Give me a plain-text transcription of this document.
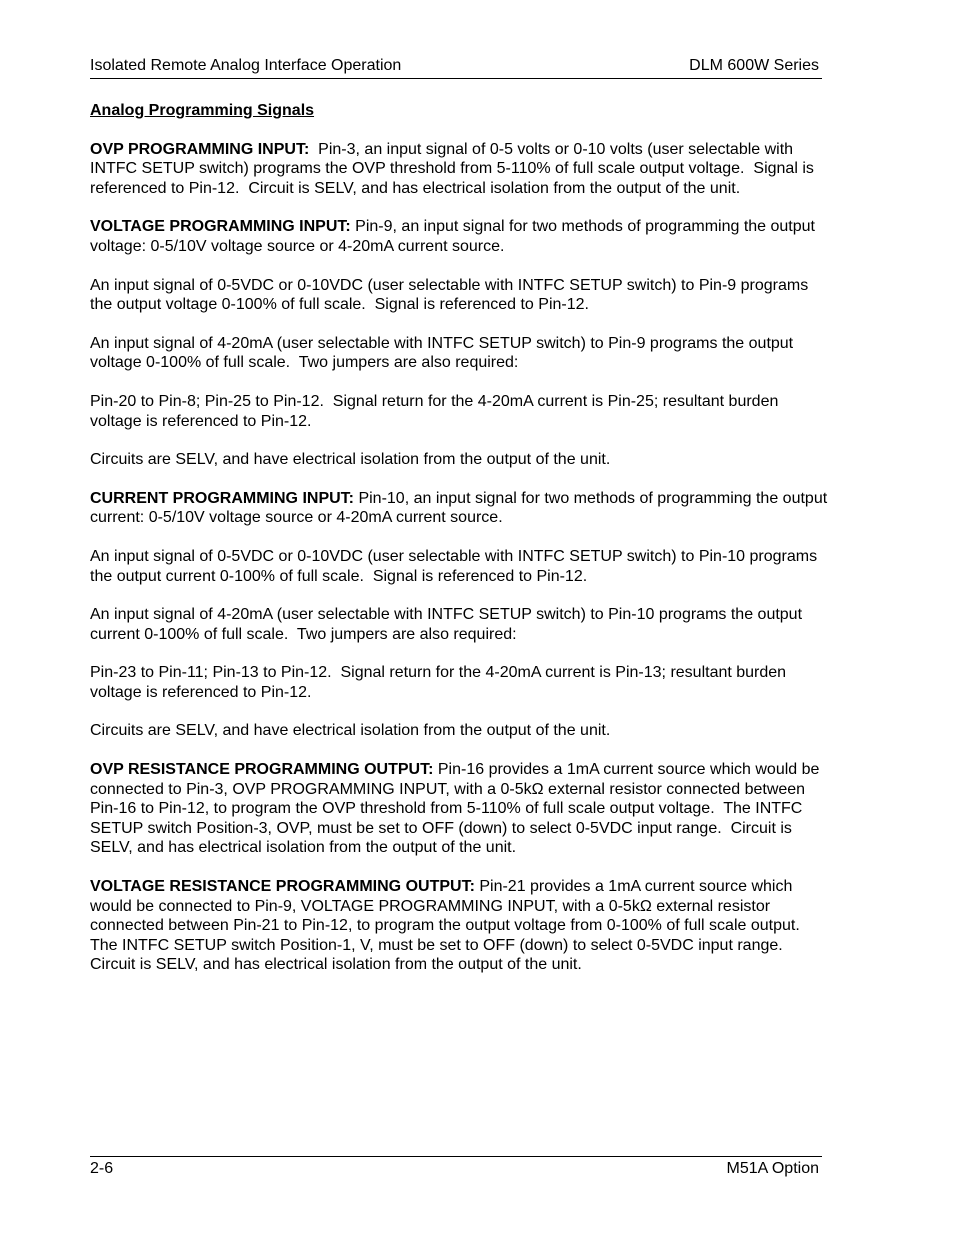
Isolated Remote Analog Interface Operation	DLM 600W Series

Analog Programming Signals

OVP PROGRAMMING INPUT:  Pin-3, an input signal of 0-5 volts or 0-10 volts (user selectable with INTFC SETUP switch) programs the OVP threshold from 5-110% of full scale output voltage.  Signal is referenced to Pin-12.  Circuit is SELV, and has electrical isolation from the output of the unit.

VOLTAGE PROGRAMMING INPUT: Pin-9, an input signal for two methods of programming the output voltage: 0-5/10V voltage source or 4-20mA current source.

An input signal of 0-5VDC or 0-10VDC (user selectable with INTFC SETUP switch) to Pin-9 programs the output voltage 0-100% of full scale.  Signal is referenced to Pin-12.

An input signal of 4-20mA (user selectable with INTFC SETUP switch) to Pin-9 programs the output voltage 0-100% of full scale.  Two jumpers are also required:

Pin-20 to Pin-8; Pin-25 to Pin-12.  Signal return for the 4-20mA current is Pin-25; resultant burden voltage is referenced to Pin-12.

Circuits are SELV, and have electrical isolation from the output of the unit.

CURRENT PROGRAMMING INPUT: Pin-10, an input signal for two methods of programming the output current: 0-5/10V voltage source or 4-20mA current source.

An input signal of 0-5VDC or 0-10VDC (user selectable with INTFC SETUP switch) to Pin-10 programs the output current 0-100% of full scale.  Signal is referenced to Pin-12.

An input signal of 4-20mA (user selectable with INTFC SETUP switch) to Pin-10 programs the output current 0-100% of full scale.  Two jumpers are also required:

Pin-23 to Pin-11; Pin-13 to Pin-12.  Signal return for the 4-20mA current is Pin-13; resultant burden voltage is referenced to Pin-12.

Circuits are SELV, and have electrical isolation from the output of the unit.

OVP RESISTANCE PROGRAMMING OUTPUT: Pin-16 provides a 1mA current source which would be connected to Pin-3, OVP PROGRAMMING INPUT, with a 0-5kΩ external resistor connected between Pin-16 to Pin-12, to program the OVP threshold from 5-110% of full scale output voltage.  The INTFC SETUP switch Position-3, OVP, must be set to OFF (down) to select 0-5VDC input range.  Circuit is SELV, and has electrical isolation from the output of the unit.

VOLTAGE RESISTANCE PROGRAMMING OUTPUT: Pin-21 provides a 1mA current source which would be connected to Pin-9, VOLTAGE PROGRAMMING INPUT, with a 0-5kΩ external resistor connected between Pin-21 to Pin-12, to program the output voltage from 0-100% of full scale output.  The INTFC SETUP switch Position-1, V, must be set to OFF (down) to select 0-5VDC input range.  Circuit is SELV, and has electrical isolation from the output of the unit.

2-6	M51A Option
